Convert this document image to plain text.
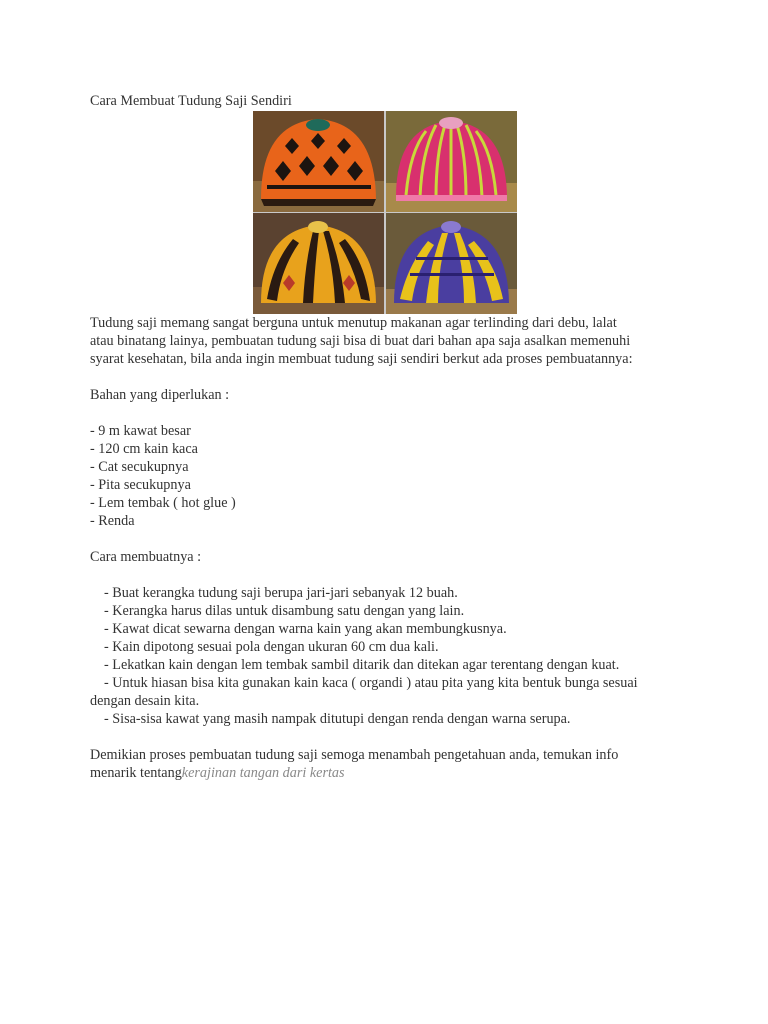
Cara Membuat Tudung Saji Sendiri

Tudung saji memang sangat berguna untuk menutup makanan agar terlinding dari debu, lalat

atau binatang lainya, pembuatan tudung saji bisa di buat dari bahan apa saja asalkan memenuhi

syarat kesehatan, bila anda ingin membuat tudung saji sendiri berkut ada proses pembuatannya:

Bahan yang diperlukan :

- 9 m kawat besar

- 120 cm kain kaca

- Cat secukupnya

- Pita secukupnya

- Lem tembak ( hot glue )

- Renda

Cara membuatnya :

- Buat kerangka tudung saji berupa jari-jari sebanyak 12 buah.

- Kerangka harus dilas untuk disambung satu dengan yang lain.

- Kawat dicat sewarna dengan warna kain yang akan membungkusnya.

- Kain dipotong sesuai pola dengan ukuran 60 cm dua kali.

- Lekatkan kain dengan lem tembak sambil ditarik dan ditekan agar terentang dengan kuat.

- Untuk hiasan bisa kita gunakan kain kaca ( organdi ) atau pita yang kita bentuk bunga sesuai

dengan desain kita.

- Sisa-sisa kawat yang masih nampak ditutupi dengan renda dengan warna serupa.

Demikian proses pembuatan tudung saji semoga menambah pengetahuan anda, temukan info

menarik tentangkerajinan tangan dari kertas
